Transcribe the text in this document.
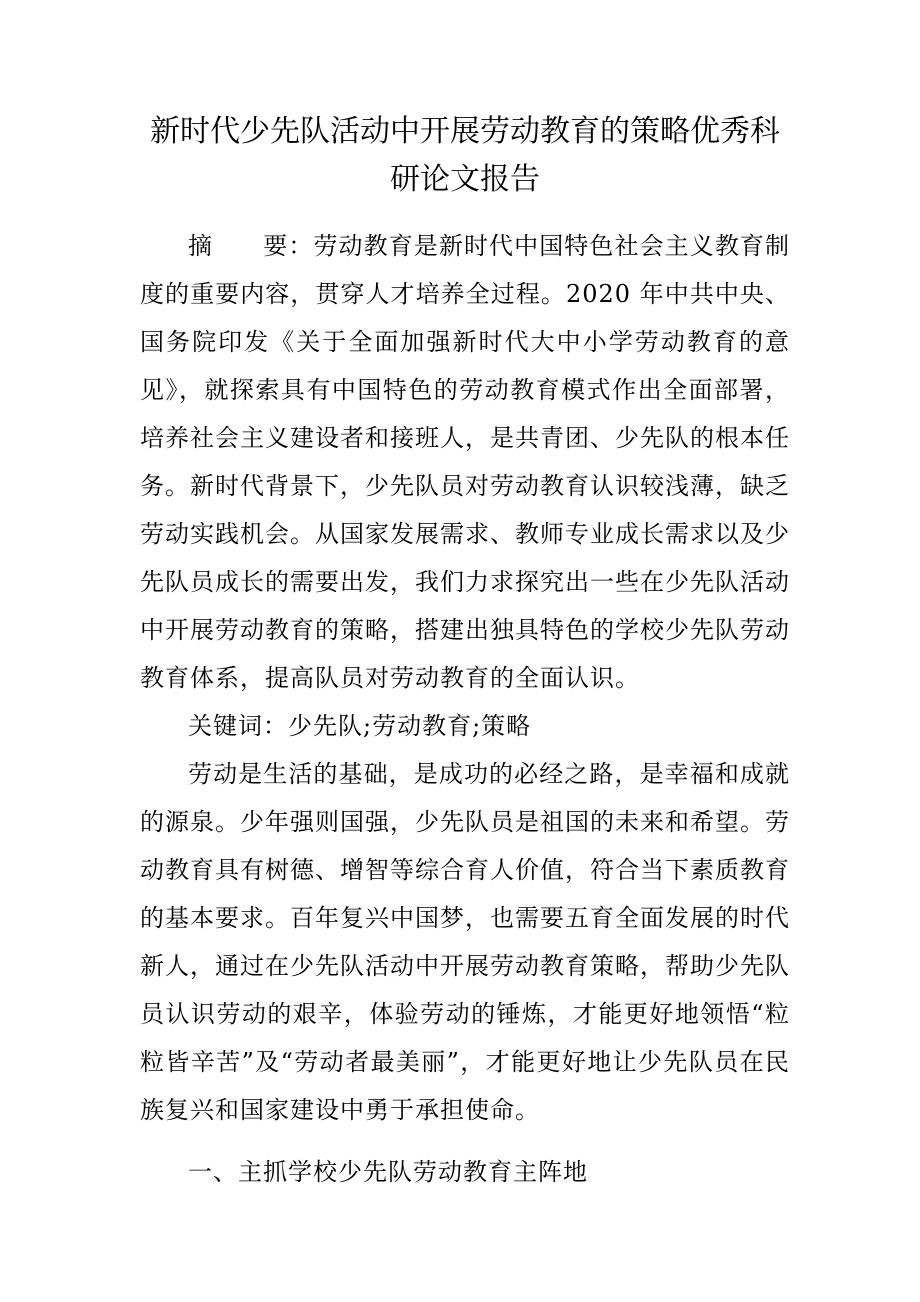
新时代少先队活动中开展劳动教育的策略优秀科研论文报告

摘　　要：劳动教育是新时代中国特色社会主义教育制度的重要内容，贯穿人才培养全过程。2020 年中共中央、国务院印发《关于全面加强新时代大中小学劳动教育的意见》，就探索具有中国特色的劳动教育模式作出全面部署，培养社会主义建设者和接班人，是共青团、少先队的根本任务。新时代背景下，少先队员对劳动教育认识较浅薄，缺乏劳动实践机会。从国家发展需求、教师专业成长需求以及少先队员成长的需要出发，我们力求探究出一些在少先队活动中开展劳动教育的策略，搭建出独具特色的学校少先队劳动教育体系，提高队员对劳动教育的全面认识。

关键词：少先队;劳动教育;策略

劳动是生活的基础，是成功的必经之路，是幸福和成就的源泉。少年强则国强，少先队员是祖国的未来和希望。劳动教育具有树德、增智等综合育人价值，符合当下素质教育的基本要求。百年复兴中国梦，也需要五育全面发展的时代新人，通过在少先队活动中开展劳动教育策略，帮助少先队员认识劳动的艰辛，体验劳动的锤炼，才能更好地领悟“粒粒皆辛苦”及“劳动者最美丽”，才能更好地让少先队员在民族复兴和国家建设中勇于承担使命。

一、主抓学校少先队劳动教育主阵地
